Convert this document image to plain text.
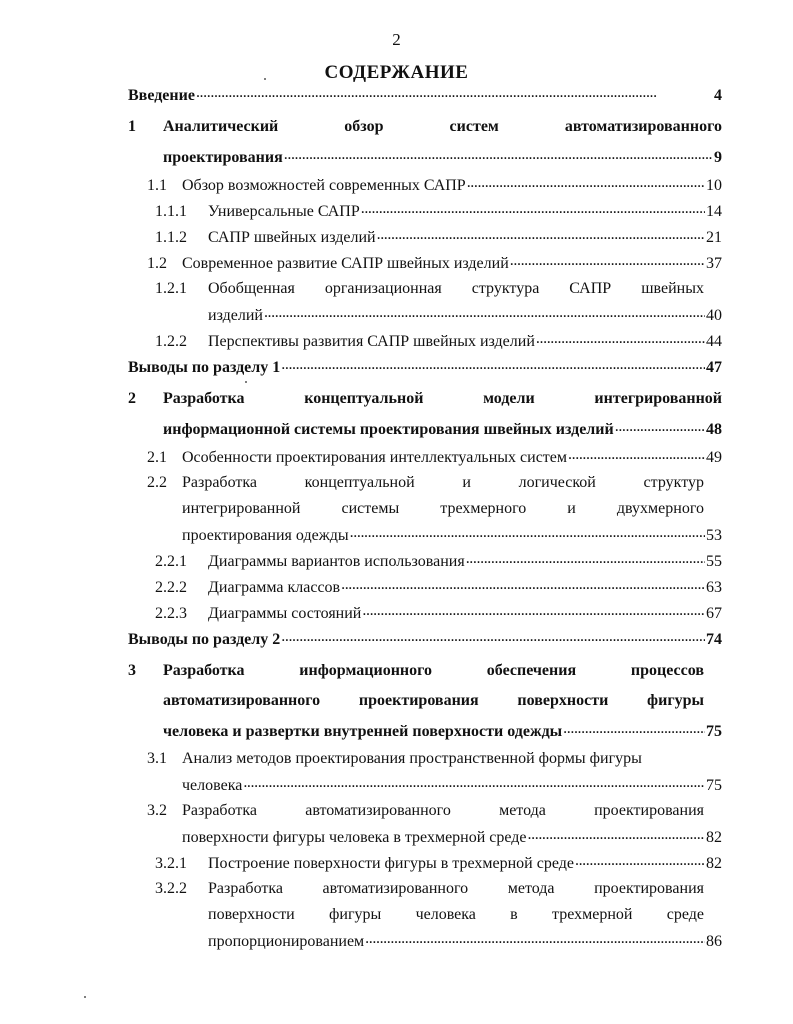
2
СОДЕРЖАНИЕ
Введение . . .	4
1 Аналитический	обзор	систем	автоматизированного
проектирования . . .	9
1.1 Обзор возможностей современных САПР . . .	10
1.1.1	Универсальные САПР . . .	14
1.1.2	САПР швейных изделий . . .	21
1.2 Современное развитие САПР швейных изделий . . .	37
1.2.1 Обобщенная организационная структура САПР швейных
изделий . . .	40
1.2.2	Перспективы развития САПР швейных изделий . . .	44
Выводы по разделу 1 . . .	47
2 Разработка	концептуальной	модели	интегрированной
информационной системы проектирования швейных изделий . . .	48
2.1 Особенности проектирования интеллектуальных систем . . .	49
2.2 Разработка	концептуальной	и	логической	структур
интегрированной	системы	трехмерного	и	двухмерного
проектирования одежды . . .	53
2.2.1	Диаграммы вариантов использования . . .	55
2.2.2	Диаграмма классов . . .	63
2.2.3	Диаграммы состояний . . .	67
Выводы по разделу 2 . . .	74
3 Разработка	информационного	обеспечения	процессов
автоматизированного проектирования поверхности фигуры
человека и развертки внутренней поверхности одежды . . .	75
3.1 Анализ методов проектирования пространственной формы фигуры
человека . . .	75
3.2 Разработка	автоматизированного	метода	проектирования
поверхности фигуры человека в трехмерной среде . . .	82
3.2.1	Построение поверхности фигуры в трехмерной среде . . .	82
3.2.2 Разработка автоматизированного метода проектирования
поверхности фигуры человека в трехмерной среде
пропорционированием . . .	86
